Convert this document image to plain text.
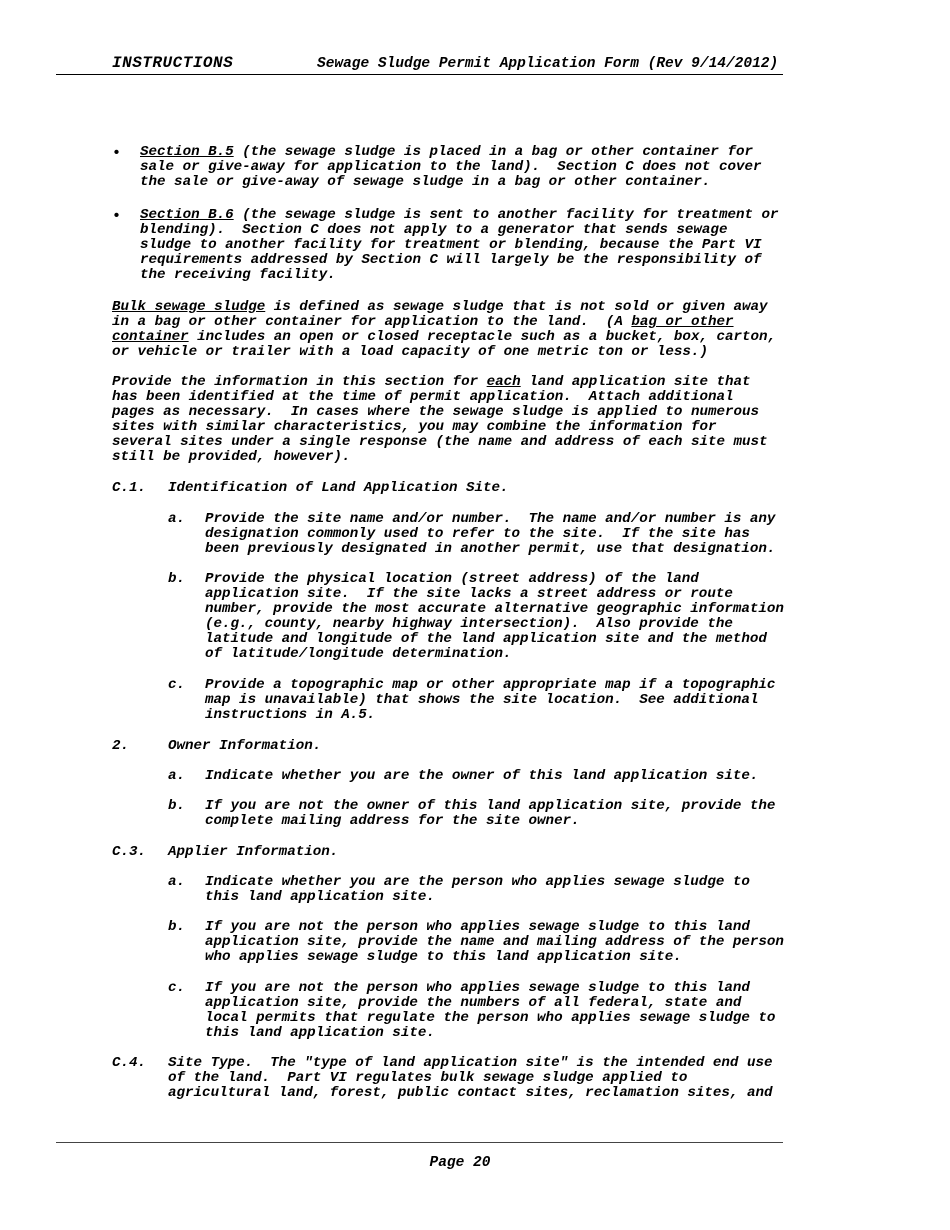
INSTRUCTIONS	Sewage Sludge Permit Application Form (Rev 9/14/2012)
• Section B.5 (the sewage sludge is placed in a bag or other container for
sale or give-away for application to the land).  Section C does not cover
the sale or give-away of sewage sludge in a bag or other container.
• Section B.6 (the sewage sludge is sent to another facility for treatment or
blending).  Section C does not apply to a generator that sends sewage
sludge to another facility for treatment or blending, because the Part VI
requirements addressed by Section C will largely be the responsibility of
the receiving facility.
Bulk sewage sludge is defined as sewage sludge that is not sold or given away
in a bag or other container for application to the land.  (A bag or other
container includes an open or closed receptacle such as a bucket, box, carton,
or vehicle or trailer with a load capacity of one metric ton or less.)
Provide the information in this section for each land application site that
has been identified at the time of permit application.  Attach additional
pages as necessary.  In cases where the sewage sludge is applied to numerous
sites with similar characteristics, you may combine the information for
several sites under a single response (the name and address of each site must
still be provided, however).
C.1. Identification of Land Application Site.
a. Provide the site name and/or number.  The name and/or number is any
designation commonly used to refer to the site.  If the site has
been previously designated in another permit, use that designation.
b. Provide the physical location (street address) of the land
application site.  If the site lacks a street address or route
number, provide the most accurate alternative geographic information
(e.g., county, nearby highway intersection).  Also provide the
latitude and longitude of the land application site and the method
of latitude/longitude determination.
c. Provide a topographic map or other appropriate map if a topographic
map is unavailable) that shows the site location.  See additional
instructions in A.5.
2.	Owner Information.
a. Indicate whether you are the owner of this land application site.
b. If you are not the owner of this land application site, provide the
complete mailing address for the site owner.
C.3. Applier Information.
a. Indicate whether you are the person who applies sewage sludge to
this land application site.
b. If you are not the person who applies sewage sludge to this land
application site, provide the name and mailing address of the person
who applies sewage sludge to this land application site.
c. If you are not the person who applies sewage sludge to this land
application site, provide the numbers of all federal, state and
local permits that regulate the person who applies sewage sludge to
this land application site.
C.4. Site Type.  The "type of land application site" is the intended end use
of the land.  Part VI regulates bulk sewage sludge applied to
agricultural land, forest, public contact sites, reclamation sites, and
Page 20
